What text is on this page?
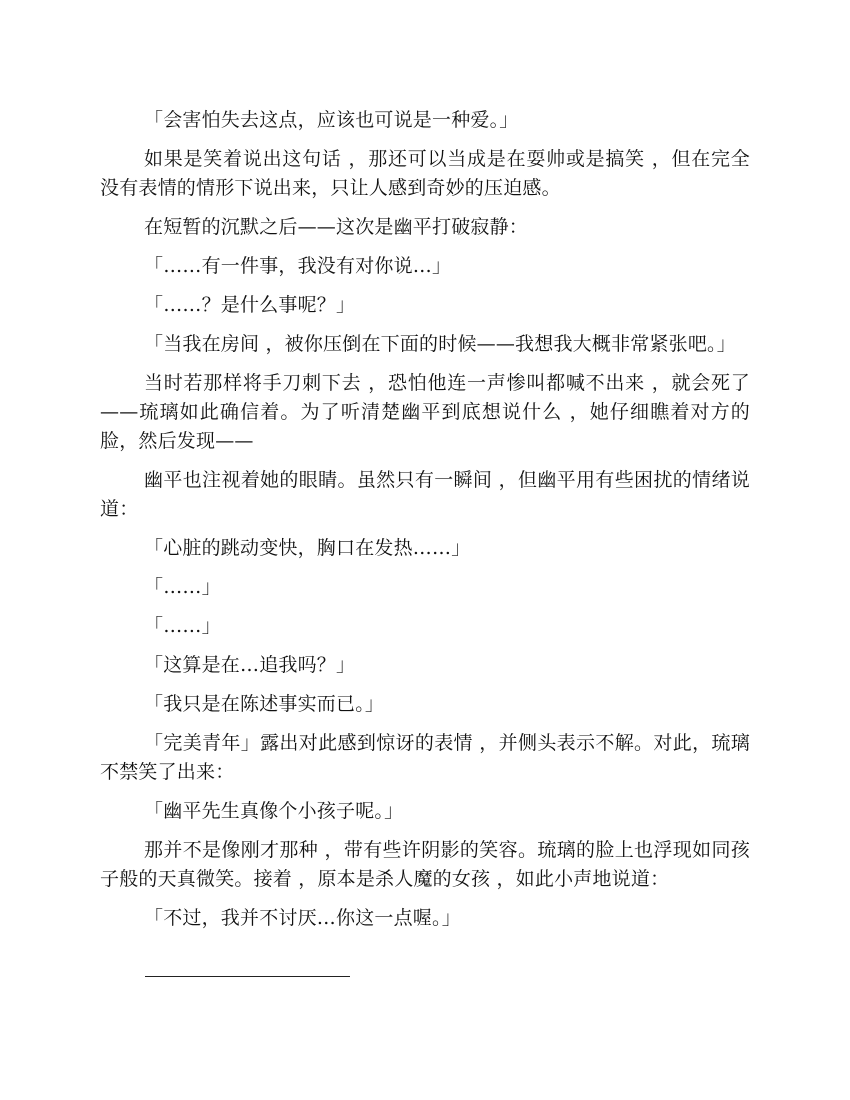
「会害怕失去这点，应该也可说是一种爱。」

如果是笑着说出这句话 ，那还可以当成是在耍帅或是搞笑 ，但在完全没有表情的情形下说出来，只让人感到奇妙的压迫感。

在短暂的沉默之后——这次是幽平打破寂静：

「……有一件事，我没有对你说…」

「……？是什么事呢？」

「当我在房间 ，被你压倒在下面的时候——我想我大概非常紧张吧。」

当时若那样将手刀刺下去 ，恐怕他连一声惨叫都喊不出来 ，就会死了——琉璃如此确信着。为了听清楚幽平到底想说什么 ，她仔细瞧着对方的脸，然后发现——

幽平也注视着她的眼睛。虽然只有一瞬间 ，但幽平用有些困扰的情绪说道：

「心脏的跳动变快，胸口在发热……」

「……」

「……」

「这算是在…追我吗？」

「我只是在陈述事实而已。」

「完美青年」露出对此感到惊讶的表情 ，并侧头表示不解。对此，琉璃不禁笑了出来：

「幽平先生真像个小孩子呢。」

那并不是像刚才那种 ，带有些许阴影的笑容。琉璃的脸上也浮现如同孩子般的天真微笑。接着 ，原本是杀人魔的女孩 ，如此小声地说道：

「不过，我并不讨厌…你这一点喔。」
